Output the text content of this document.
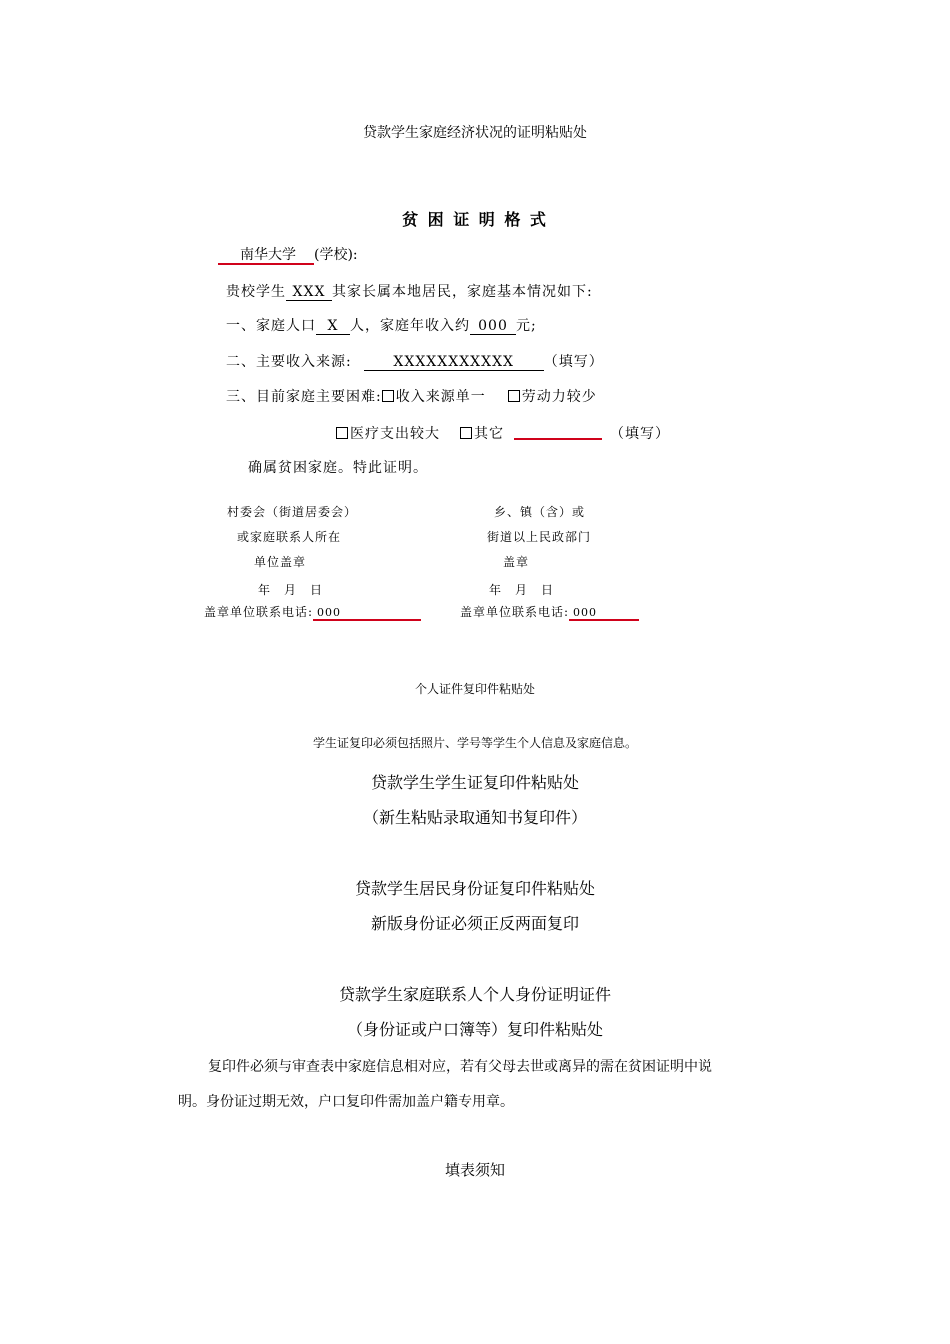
贷款学生家庭经济状况的证明粘贴处
贫 困 证 明 格 式
南华大学 (学校):
贵校学生 XXX 其家长属本地居民，家庭基本情况如下:
一、家庭人口 X 人，家庭年收入约 000 元;
二、主要收入来源:	XXXXXXXXXXX （填写）
三、目前家庭主要困难: 收入来源单一	劳动力较少
医疗支出较大 其它	（填写）
确属贫困家庭。特此证明。
村委会（街道居委会）
或家庭联系人所在
单位盖章
年　月　日
盖章单位联系电话: 000
乡、镇（含）或
街道以上民政部门
盖章
年　月　日
盖章单位联系电话: 000
个人证件复印件粘贴处
学生证复印必须包括照片、学号等学生个人信息及家庭信息。
贷款学生学生证复印件粘贴处
（新生粘贴录取通知书复印件）
贷款学生居民身份证复印件粘贴处
新版身份证必须正反两面复印
贷款学生家庭联系人个人身份证明证件
（身份证或户口簿等）复印件粘贴处
复印件必须与审查表中家庭信息相对应，若有父母去世或离异的需在贫困证明中说
明。身份证过期无效，户口复印件需加盖户籍专用章。
填表须知
